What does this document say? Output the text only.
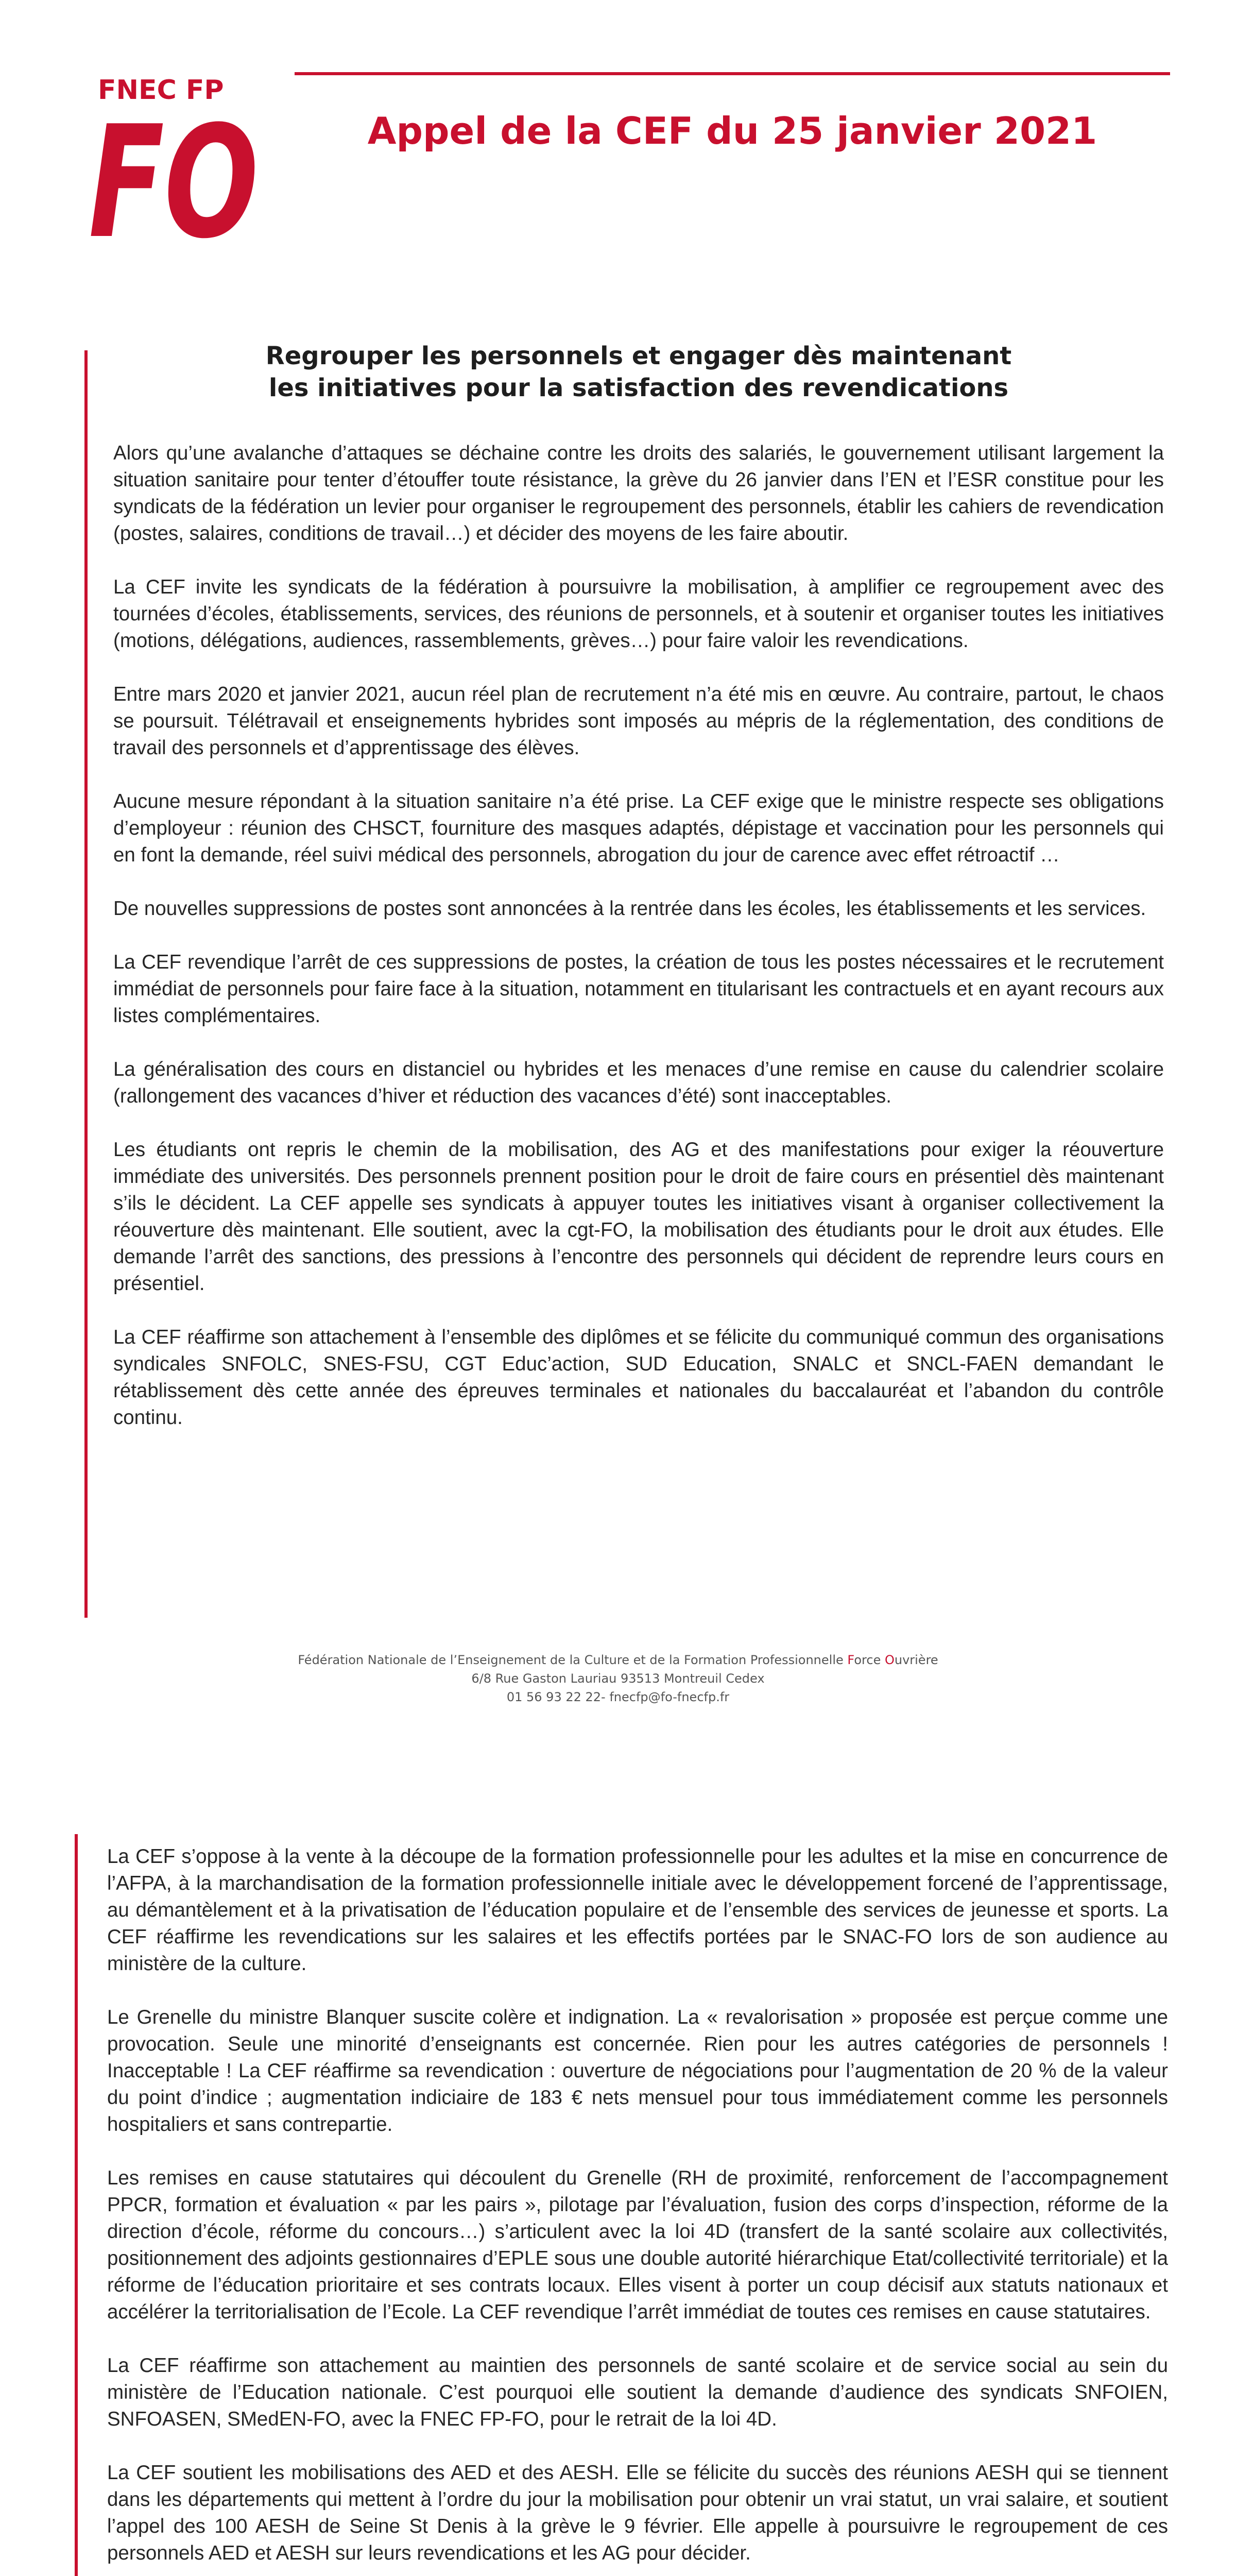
FNEC FP
FO	Appel de la CEF du 25 janvier 2021
Regrouper les personnels et engager dès maintenant
les initiatives pour la satisfaction des revendications

Alors qu’une avalanche d’attaques se déchaine contre les droits des salariés, le gouvernement utilisant largement la situation sanitaire pour tenter d’étouffer toute résistance, la grève du 26 janvier dans l’EN et l’ESR constitue pour les syndicats de la fédération un levier pour organiser le regroupement des personnels, établir les cahiers de revendication (postes, salaires, conditions de travail…) et décider des moyens de les faire aboutir.

La CEF invite les syndicats de la fédération à poursuivre la mobilisation, à amplifier ce regroupement avec des tournées d’écoles, établissements, services, des réunions de personnels, et à soutenir et organiser toutes les initiatives (motions, délégations, audiences, rassemblements, grèves…) pour faire valoir les revendications.

Entre mars 2020 et janvier 2021, aucun réel plan de recrutement n’a été mis en œuvre. Au contraire, partout, le chaos se poursuit. Télétravail et enseignements hybrides sont imposés au mépris de la réglementation, des conditions de travail des personnels et d’apprentissage des élèves.

Aucune mesure répondant à la situation sanitaire n’a été prise. La CEF exige que le ministre respecte ses obligations d’employeur : réunion des CHSCT, fourniture des masques adaptés, dépistage et vaccination pour les personnels qui en font la demande, réel suivi médical des personnels, abrogation du jour de carence avec effet rétroactif …

De nouvelles suppressions de postes sont annoncées à la rentrée dans les écoles, les établissements et les services.

La CEF revendique l’arrêt de ces suppressions de postes, la création de tous les postes nécessaires et le recrutement immédiat de personnels pour faire face à la situation, notamment en titularisant les contractuels et en ayant recours aux listes complémentaires.

La généralisation des cours en distanciel ou hybrides et les menaces d’une remise en cause du calendrier scolaire (rallongement des vacances d’hiver et réduction des vacances d’été) sont inacceptables.

Les étudiants ont repris le chemin de la mobilisation, des AG et des manifestations pour exiger la réouverture immédiate des universités. Des personnels prennent position pour le droit de faire cours en présentiel dès maintenant s’ils le décident. La CEF appelle ses syndicats à appuyer toutes les initiatives visant à organiser collectivement la réouverture dès maintenant. Elle soutient, avec la cgt-FO, la mobilisation des étudiants pour le droit aux études. Elle demande l’arrêt des sanctions, des pressions à l’encontre des personnels qui décident de reprendre leurs cours en présentiel.

La CEF réaffirme son attachement à l’ensemble des diplômes et se félicite du communiqué commun des organisations syndicales SNFOLC, SNES-FSU, CGT Educ’action, SUD Education, SNALC et SNCL-FAEN demandant le rétablissement dès cette année des épreuves terminales et nationales du baccalauréat et l’abandon du contrôle continu.

Fédération Nationale de l’Enseignement de la Culture et de la Formation Professionnelle Force Ouvrière
6/8 Rue Gaston Lauriau 93513 Montreuil Cedex
01 56 93 22 22- fnecfp@fo-fnecfp.fr

La CEF s’oppose à la vente à la découpe de la formation professionnelle pour les adultes et la mise en concurrence de l’AFPA, à la marchandisation de la formation professionnelle initiale avec le développement forcené de l’apprentissage, au démantèlement et à la privatisation de l’éducation populaire et de l’ensemble des services de jeunesse et sports. La CEF réaffirme les revendications sur les salaires et les effectifs portées par le SNAC-FO lors de son audience au ministère de la culture.

Le Grenelle du ministre Blanquer suscite colère et indignation. La « revalorisation » proposée est perçue comme une provocation. Seule une minorité d’enseignants est concernée. Rien pour les autres catégories de personnels ! Inacceptable ! La CEF réaffirme sa revendication : ouverture de négociations pour l’augmentation de 20 % de la valeur du point d’indice ; augmentation indiciaire de 183 € nets mensuel pour tous immédiatement comme les personnels hospitaliers et sans contrepartie.

Les remises en cause statutaires qui découlent du Grenelle (RH de proximité, renforcement de l’accompagnement PPCR, formation et évaluation « par les pairs », pilotage par l’évaluation, fusion des corps d’inspection, réforme de la direction d’école, réforme du concours…) s’articulent avec la loi 4D (transfert de la santé scolaire aux collectivités, positionnement des adjoints gestionnaires d’EPLE sous une double autorité hiérarchique Etat/collectivité territoriale) et la réforme de l’éducation prioritaire et ses contrats locaux. Elles visent à porter un coup décisif aux statuts nationaux et accélérer la territorialisation de l’Ecole. La CEF revendique l’arrêt immédiat de toutes ces remises en cause statutaires.

La CEF réaffirme son attachement au maintien des personnels de santé scolaire et de service social au sein du ministère de l’Education nationale. C’est pourquoi elle soutient la demande d’audience des syndicats SNFOIEN, SNFOASEN, SMedEN-FO, avec la FNEC FP-FO, pour le retrait de la loi 4D.

La CEF soutient les mobilisations des AED et des AESH. Elle se félicite du succès des réunions AESH qui se tiennent dans les départements qui mettent à l’ordre du jour la mobilisation pour obtenir un vrai statut, un vrai salaire, et soutient l’appel des 100 AESH de Seine St Denis à la grève le 9 février. Elle appelle à poursuivre le regroupement de ces personnels AED et AESH sur leurs revendications et les AG pour décider.
